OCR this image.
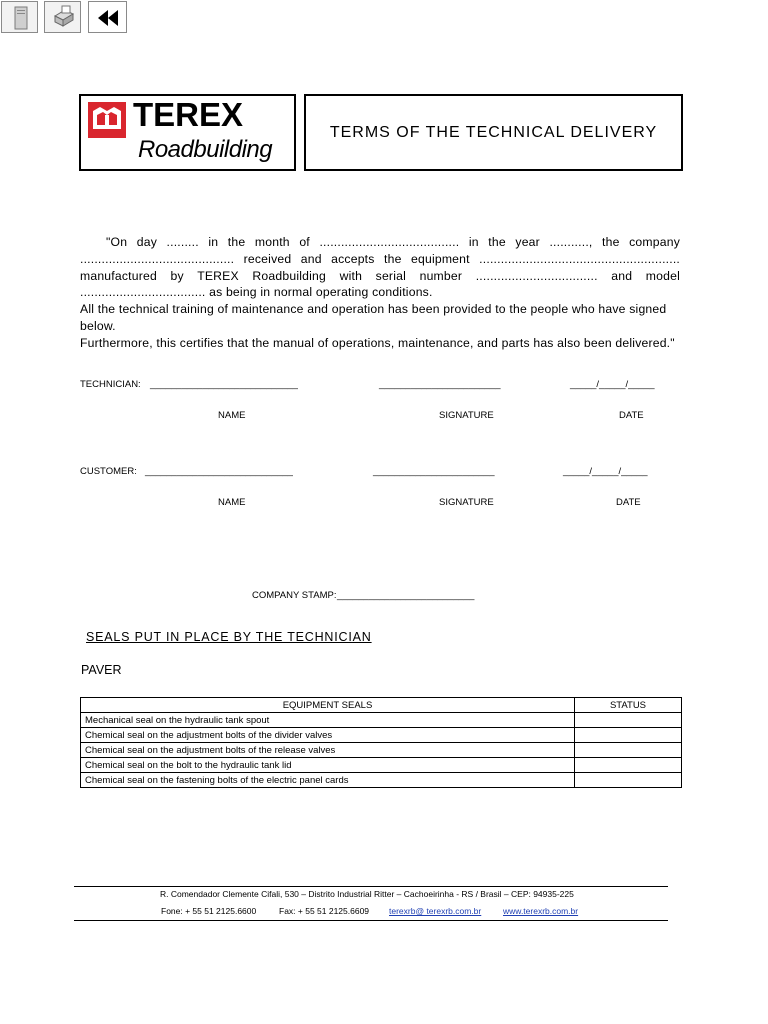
TEREX
Roadbuilding
TERMS OF THE TECHNICAL DELIVERY
"On day ......... in the month of ....................................... in the year ..........., the company
........................................... received and accepts the equipment ........................................................
manufactured by TEREX Roadbuilding with serial number .................................. and model
................................... as being in normal operating conditions.
All the technical training of maintenance and operation has been provided to the people who have signed below.
Furthermore, this certifies that the manual of operations, maintenance, and parts has also been delivered."
TECHNICIAN: ____________________________	_______________________	_____/_____/_____
NAME	SIGNATURE	DATE
CUSTOMER: ____________________________	_______________________	_____/_____/_____
NAME	SIGNATURE	DATE
COMPANY STAMP: __________________________
SEALS PUT IN PLACE BY THE TECHNICIAN
PAVER
EQUIPMENT SEALS	STATUS
Mechanical seal on the hydraulic tank spout	
Chemical seal on the adjustment bolts of the divider valves	
Chemical seal on the adjustment bolts of the release valves	
Chemical seal on the bolt to the hydraulic tank lid	
Chemical seal on the fastening bolts of the electric panel cards	
R. Comendador Clemente Cifali, 530 – Distrito Industrial Ritter – Cachoeirinha - RS / Brasil – CEP: 94935-225
Fone: + 55 51 2125.6600	Fax: + 55 51 2125.6609 terexrb@ terexrb.com.br	www.terexrb.com.br
